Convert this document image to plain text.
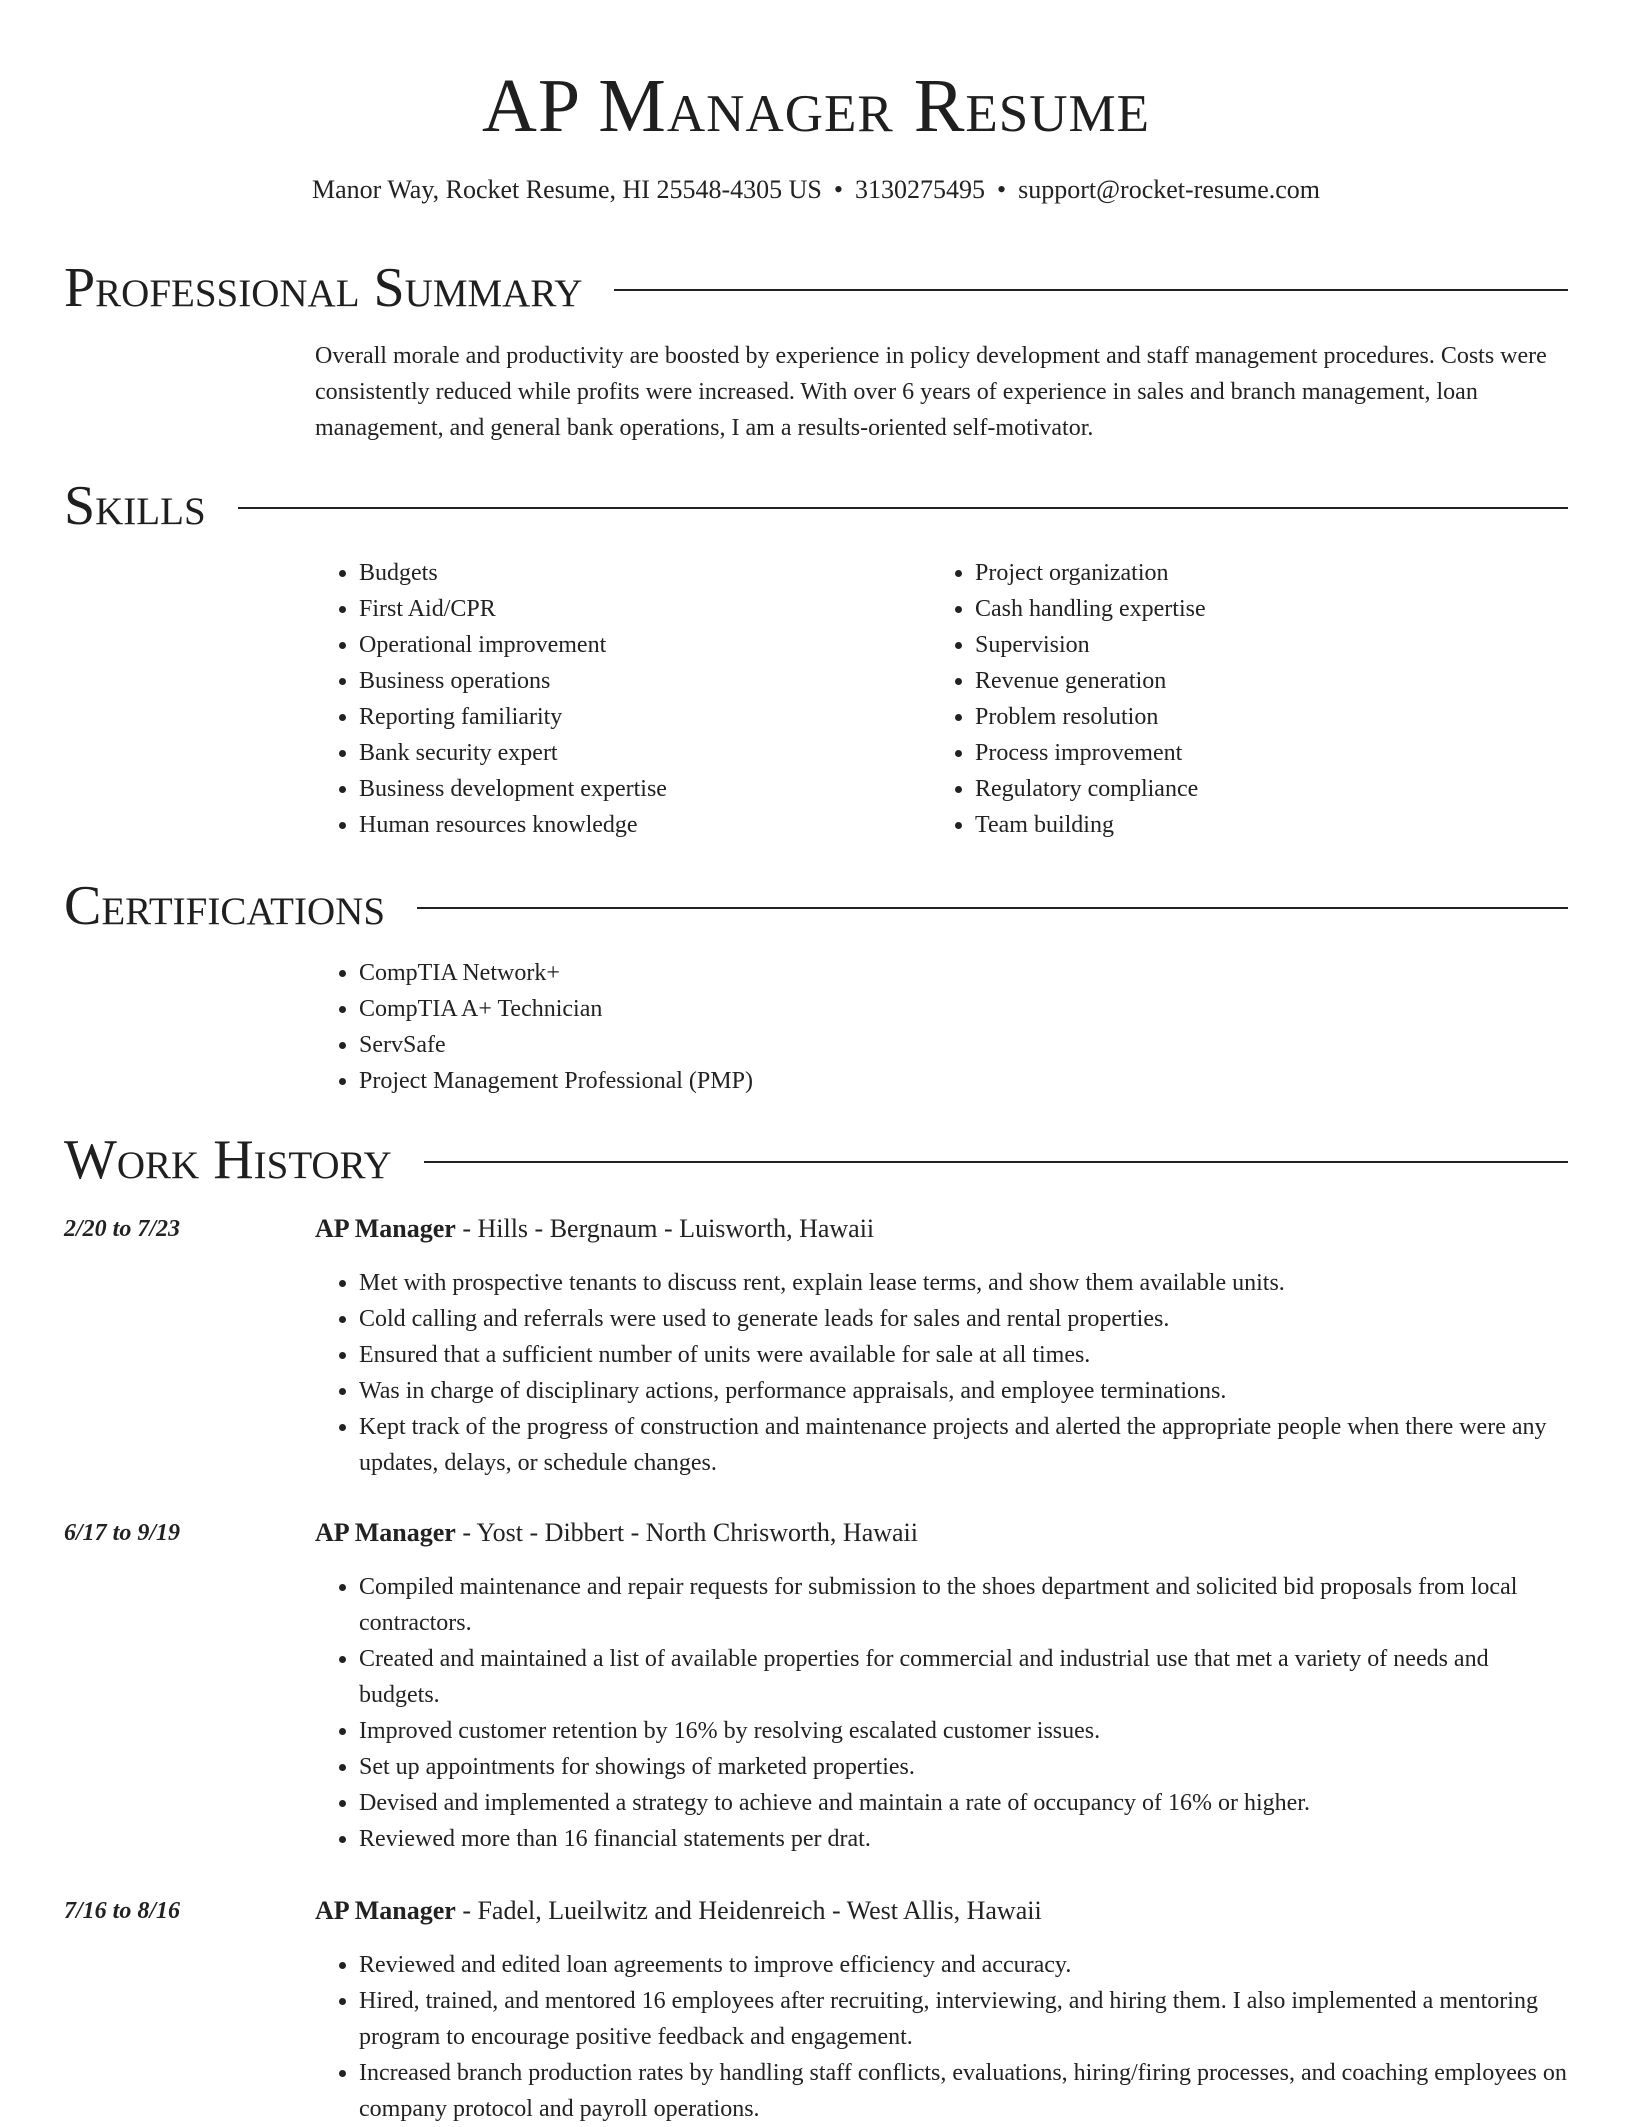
AP Manager Resume
Manor Way, Rocket Resume, HI 25548-4305 US • 3130275495 • support@rocket-resume.com
Professional Summary
Overall morale and productivity are boosted by experience in policy development and staff management procedures. Costs were consistently reduced while profits were increased. With over 6 years of experience in sales and branch management, loan management, and general bank operations, I am a results-oriented self-motivator.
Skills
• Budgets
• First Aid/CPR
• Operational improvement
• Business operations
• Reporting familiarity
• Bank security expert
• Business development expertise
• Human resources knowledge
• Project organization
• Cash handling expertise
• Supervision
• Revenue generation
• Problem resolution
• Process improvement
• Regulatory compliance
• Team building
Certifications
• CompTIA Network+
• CompTIA A+ Technician
• ServSafe
• Project Management Professional (PMP)
Work History
2/20 to 7/23	AP Manager - Hills - Bergnaum - Luisworth, Hawaii
• Met with prospective tenants to discuss rent, explain lease terms, and show them available units.
• Cold calling and referrals were used to generate leads for sales and rental properties.
• Ensured that a sufficient number of units were available for sale at all times.
• Was in charge of disciplinary actions, performance appraisals, and employee terminations.
• Kept track of the progress of construction and maintenance projects and alerted the appropriate people when there were any updates, delays, or schedule changes.
6/17 to 9/19	AP Manager - Yost - Dibbert - North Chrisworth, Hawaii
• Compiled maintenance and repair requests for submission to the shoes department and solicited bid proposals from local contractors.
• Created and maintained a list of available properties for commercial and industrial use that met a variety of needs and budgets.
• Improved customer retention by 16% by resolving escalated customer issues.
• Set up appointments for showings of marketed properties.
• Devised and implemented a strategy to achieve and maintain a rate of occupancy of 16% or higher.
• Reviewed more than 16 financial statements per drat.
7/16 to 8/16	AP Manager - Fadel, Lueilwitz and Heidenreich - West Allis, Hawaii
• Reviewed and edited loan agreements to improve efficiency and accuracy.
• Hired, trained, and mentored 16 employees after recruiting, interviewing, and hiring them. I also implemented a mentoring program to encourage positive feedback and engagement.
• Increased branch production rates by handling staff conflicts, evaluations, hiring/firing processes, and coaching employees on company protocol and payroll operations.
